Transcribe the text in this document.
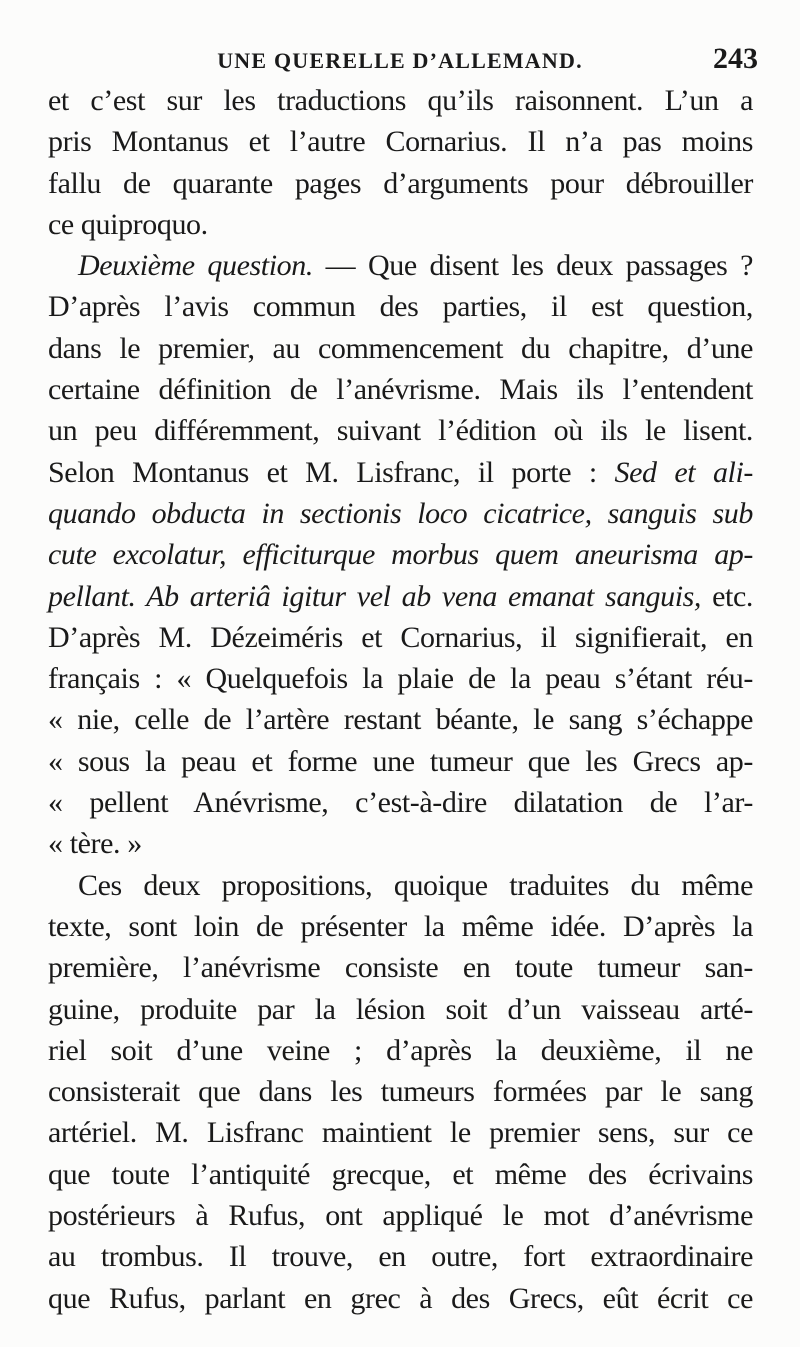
UNE QUERELLE D’ALLEMAND.	243
et c’est sur les traductions qu’ils raisonnent. L’un a
pris Montanus et l’autre Cornarius. Il n’a pas moins
fallu de quarante pages d’arguments pour débrouiller
ce quiproquo.
Deuxième question. — Que disent les deux passages ?
D’après l’avis commun des parties, il est question,
dans le premier, au commencement du chapitre, d’une
certaine définition de l’anévrisme. Mais ils l’entendent
un peu différemment, suivant l’édition où ils le lisent.
Selon Montanus et M. Lisfranc, il porte : Sed et ali-
quando obducta in sectionis loco cicatrice, sanguis sub
cute excolatur, efficiturque morbus quem aneurisma ap-
pellant. Ab arteriâ igitur vel ab vena emanat sanguis, etc.
D’après M. Dézeiméris et Cornarius, il signifierait, en
français : « Quelquefois la plaie de la peau s’étant réu-
« nie, celle de l’artère restant béante, le sang s’échappe
« sous la peau et forme une tumeur que les Grecs ap-
« pellent Anévrisme, c’est-à-dire dilatation de l’ar-
« tère. »
Ces deux propositions, quoique traduites du même
texte, sont loin de présenter la même idée. D’après la
première, l’anévrisme consiste en toute tumeur san-
guine, produite par la lésion soit d’un vaisseau arté-
riel soit d’une veine ; d’après la deuxième, il ne
consisterait que dans les tumeurs formées par le sang
artériel. M. Lisfranc maintient le premier sens, sur ce
que toute l’antiquité grecque, et même des écrivains
postérieurs à Rufus, ont appliqué le mot d’anévrisme
au trombus. Il trouve, en outre, fort extraordinaire
que Rufus, parlant en grec à des Grecs, eût écrit ce
